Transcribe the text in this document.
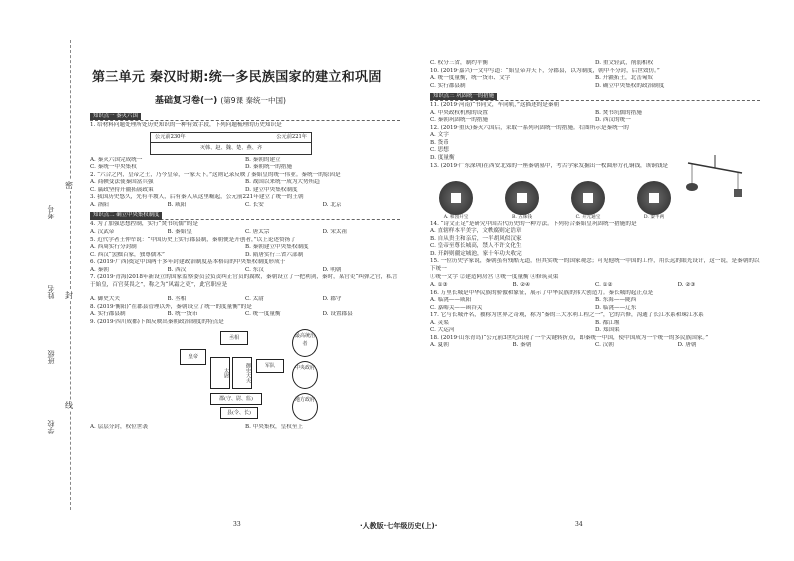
密
封
线
考号
姓名
班级
学校
第三单元 秦汉时期:统一多民族国家的建立和巩固
基础复习卷(一) (第9课 秦统一中国)
知识点一 秦灭六国

1. 给材料问题处理所处历史知识的一种有效手段，下列问题梳理的历史知识是

公元前230年	公元前221年
灭韩、赵、魏、楚、燕、齐
A. 秦灭六国完成统一	B. 秦朝的建立
C. 秦统一中央集权	D. 秦朝统一的措施

2. “六合之内，皇帝之土，乃今皇帝，一家天下。”这则记录反映了秦始皇的统一伟业。秦统一的原因是

A. 商鞅变法使秦国富兵强	B. 战国以来统一成为大势所趋
C. 嬴政坚持开疆拓展政策	D. 建立中央集权制度

3. 我国历史悠久，先有半坡人，后有秦人从这里崛起，公元前221年建立了统一的王朝

A. 洛阳	B. 咸阳	C. 长安	D. 北京
知识点二 确立中央集权制度

4. 为了加强思想控制，实行“焚书坑儒”的是

A. 汉武帝	B. 秦始皇	C. 唐太宗	D. 宋太祖

5. 近代学者王仲荦说：“中国历史上实行郡县制，秦朝便是开创者，”以上论述赞扬了

A. 西周实行分封制	B. 秦朝建立中央集权制度
C. 西汉“罢黜百家，独尊儒术”	D. 隋唐实行三省六部制

6. (2019·广西)奠定中国两千多年封建政治制度基本格局的中央集权制度形成于

A. 秦朝	B. 西汉	C. 东汉	D. 明朝

7. (2019·青海)2018年新设立的国家监察委员会负责纠正官员的腐败，秦朝设立了一把利剑，秦时，某官吏“纠弹之官，私言于始皇，百官莫畏之”，称之为“风霜之吏”，此官职应是

A. 御史大夫	B. 丞相	C. 太尉	D. 郡守

8. (2019·衡阳)“在郡县管理以外，秦朝设立了统一的度量衡”的是

A. 实行郡县制	B. 统一货币	C. 统一度量衡	D. 设置郡县

9. (2019·四川成都)下图反映出秦朝政治制度的特点是

皇帝
丞相
太尉	御史大夫	军队
郡(守、尉、监)
县(令、长)
最高统治者
中央政府
地方政府
A. 层层分封，权位世袭	B. 中央集权，皇权至上
C. 权分三省，制约平衡	D. 重文轻武，削弱相权

10. (2019·嘉兴)一文中写道：“始皇帝并天下，分郡县，以为制度，朝中不分封，后世效仿。”

A. 统一度量衡，统一货币、文字	B. 开疆拓土，北击匈奴
C. 实行郡县制	D. 确立中央集权的政治制度
知识点三 巩固统一的措施

11. (2019·河南)“书同文，车同轨，”这描述的是秦朝

A. 中央政权机构的设置	B. 焚书坑儒的措施
C. 秦朝巩固统一的措施	D. 西汉的统一

12. (2019·重庆)秦灭六国后，采取一系列巩固统一的措施。右图所示是秦统一的

A. 文字
B. 货币
C. 思想
D. 度量衡

13. (2019·广东深圳)在西安北郊的一座秦朝墓中，考古学家发掘出一枚圆形方孔铜钱，该铜钱是

A. 和园开宝	B. 五铢钱	C. 开元通宝	D. 秦半两

14. “诗文正足”是研究中国古代历史的一种方法。下列符合秦始皇巩固统一措施的是

A. 直辖样本平美字，文帙腐则定诰章
B. 自从贵主和亲后，一半胡风似汉家
C. 皇帝至尊长城高，禁人不许文化生
D. 开辟则疆定城池，家十年功夫收完

15. 一位历史学家说，秦朝虽有残酷无道，但其实统一的国家观念；可见他统一中国的工作，用长远的眼光设计，这一说，是秦朝的以下统一

①统一文字 ②建造阿房宫 ③统一度量衡 ④修筑灵渠

A. ①③	B. ②④	C. ①②	D. ②③

16. 万里长城是中华民族的骄傲和象征，展示了中华民族的伟大创造力。秦长城的起止点是

A. 临洮——咸阳	B. 东海——陇西
C. 嘉峪关——函谷关	D. 临洮——辽东

17. 它与长城齐名，被称为世界之奇观，称为“秦的三大水利工程之一”，它的兴修，沟通了长江水系和珠江水系

A. 灵渠	B. 都江堰
C. 大运河	D. 郑国渠

18. (2019·山东青岛)“公元前3世纪出现了一个关键转折点，即秦统一中国，使中国成为一个统一的多民族国家。”

A. 夏朝	B. 秦朝	C. 汉朝	D. 唐朝
33	·人教版·七年级历史(上)·	34
